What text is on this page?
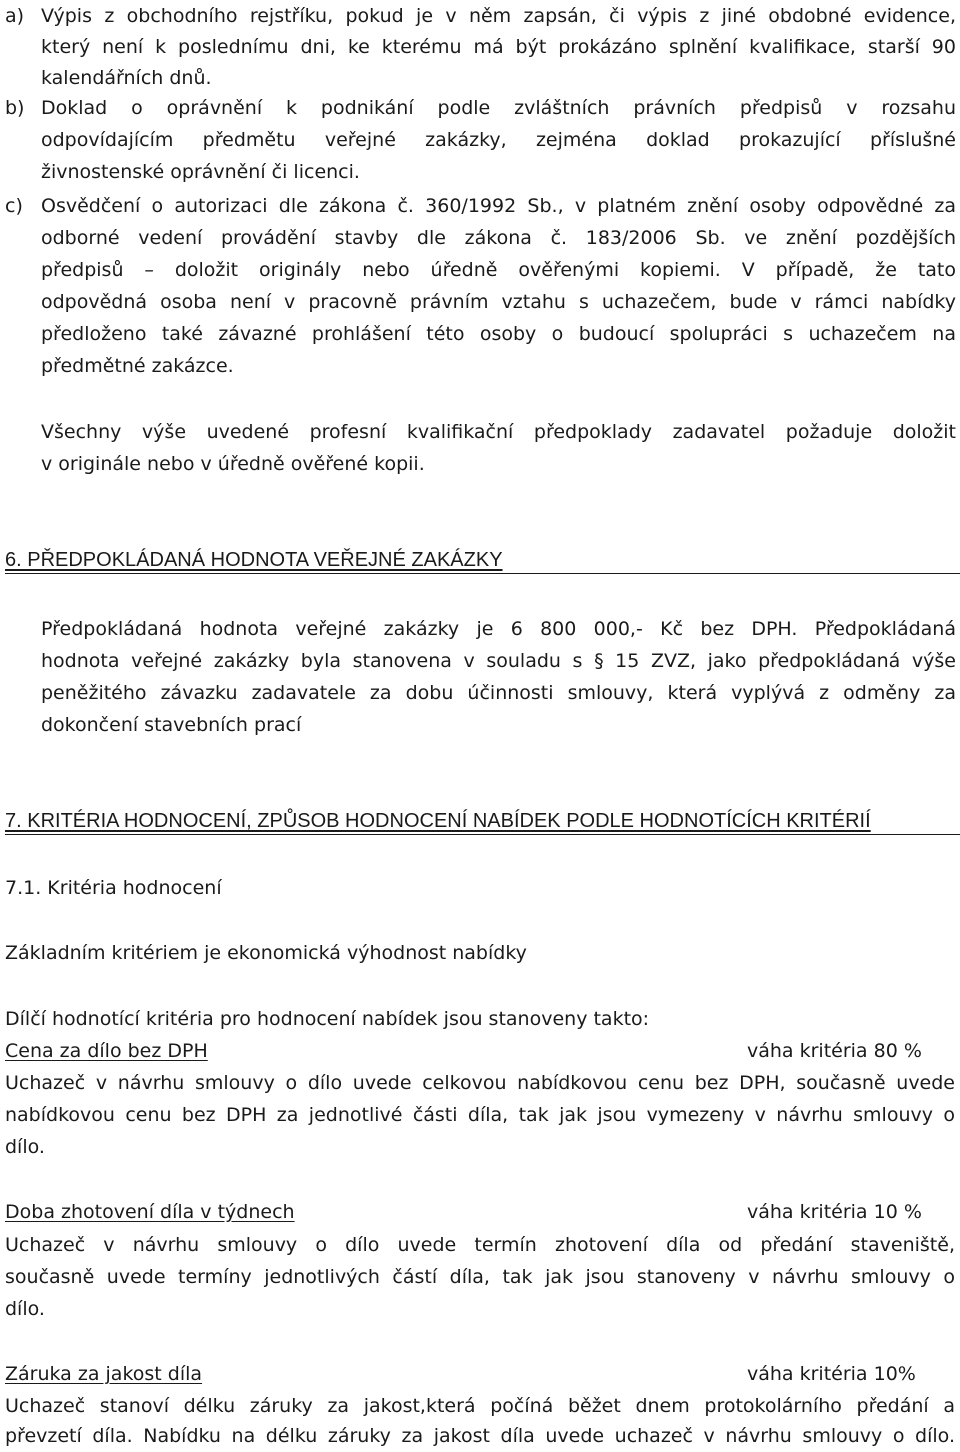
a) Výpis z obchodního rejstříku, pokud je v něm zapsán, či výpis z jiné obdobné evidence,
který není k poslednímu dni, ke kterému má být prokázáno splnění kvalifikace, starší 90
kalendářních dnů.
b) Doklad o oprávnění k podnikání podle zvláštních právních předpisů v rozsahu
odpovídajícím předmětu veřejné zakázky, zejména doklad prokazující příslušné
živnostenské oprávnění či licenci.
c) Osvědčení o autorizaci dle zákona č. 360/1992 Sb., v platném znění osoby odpovědné za
odborné vedení provádění stavby dle zákona č. 183/2006 Sb. ve znění pozdějších
předpisů – doložit originály nebo úředně ověřenými kopiemi. V případě, že tato
odpovědná osoba není v pracovně právním vztahu s uchazečem, bude v rámci nabídky
předloženo také závazné prohlášení této osoby o budoucí spolupráci s uchazečem na
předmětné zakázce.
Všechny výše uvedené profesní kvalifikační předpoklady zadavatel požaduje doložit
v originále nebo v úředně ověřené kopii.
6. PŘEDPOKLÁDANÁ HODNOTA VEŘEJNÉ ZAKÁZKY
Předpokládaná hodnota veřejné zakázky je 6 800 000,- Kč bez DPH. Předpokládaná
hodnota veřejné zakázky byla stanovena v souladu s § 15 ZVZ, jako předpokládaná výše
peněžitého závazku zadavatele za dobu účinnosti smlouvy, která vyplývá z odměny za
dokončení stavebních prací
7. KRITÉRIA HODNOCENÍ, ZPŮSOB HODNOCENÍ NABÍDEK PODLE HODNOTÍCÍCH KRITÉRIÍ
7.1. Kritéria hodnocení
Základním kritériem je ekonomická výhodnost nabídky
Dílčí hodnotící kritéria pro hodnocení nabídek jsou stanoveny takto:
Cena za dílo bez DPH	váha kritéria 80 %
Uchazeč v návrhu smlouvy o dílo uvede celkovou nabídkovou cenu bez DPH, současně uvede
nabídkovou cenu bez DPH za jednotlivé části díla, tak jak jsou vymezeny v návrhu smlouvy o
dílo.
Doba zhotovení díla v týdnech	váha kritéria 10 %
Uchazeč v návrhu smlouvy o dílo uvede termín zhotovení díla od předání staveniště,
současně uvede termíny jednotlivých částí díla, tak jak jsou stanoveny v návrhu smlouvy o
dílo.
Záruka za jakost díla	váha kritéria 10%
Uchazeč stanoví délku záruky za jakost,která počíná běžet dnem protokolárního předání a
převzetí díla. Nabídku na délku záruky za jakost díla uvede uchazeč v návrhu smlouvy o dílo.
